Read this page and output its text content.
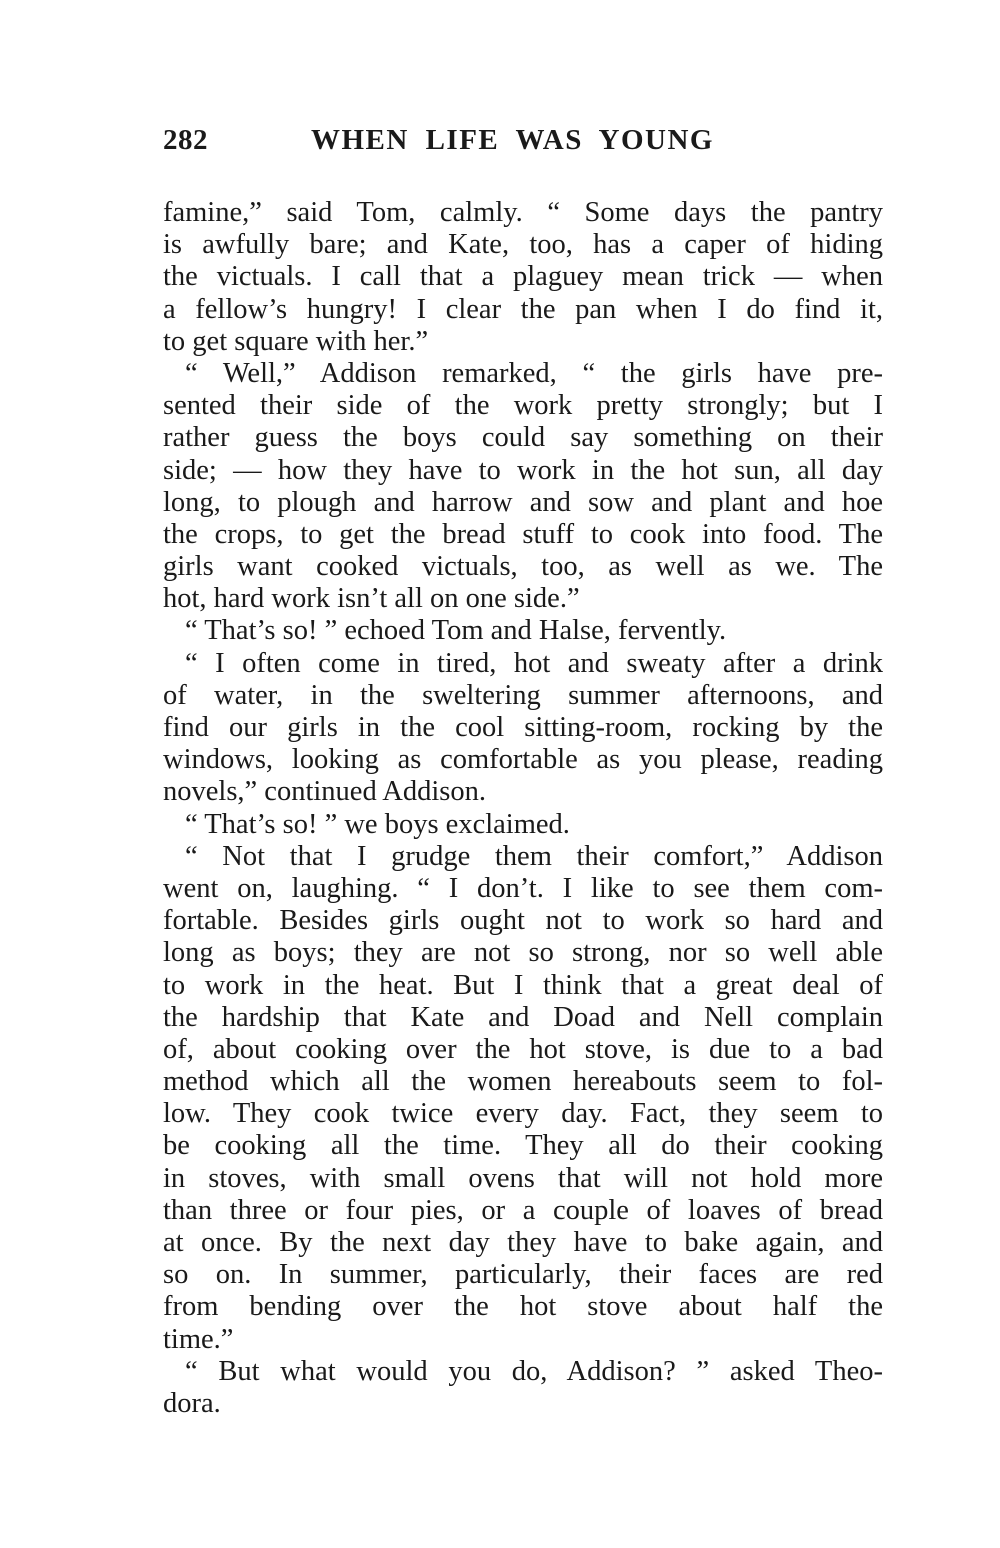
282	WHEN LIFE WAS YOUNG
famine,” said Tom, calmly. “ Some days the pantry
is awfully bare; and Kate, too, has a caper of hiding
the victuals. I call that a plaguey mean trick — when
a fellow’s hungry! I clear the pan when I do find it,
to get square with her.”
“ Well,” Addison remarked, “ the girls have pre-
sented their side of the work pretty strongly; but I
rather guess the boys could say something on their
side; — how they have to work in the hot sun, all day
long, to plough and harrow and sow and plant and hoe
the crops, to get the bread stuff to cook into food. The
girls want cooked victuals, too, as well as we. The
hot, hard work isn’t all on one side.”
“ That’s so! ” echoed Tom and Halse, fervently.
“ I often come in tired, hot and sweaty after a drink
of water, in the sweltering summer afternoons, and
find our girls in the cool sitting-room, rocking by the
windows, looking as comfortable as you please, reading
novels,” continued Addison.
“ That’s so! ” we boys exclaimed.
“ Not that I grudge them their comfort,” Addison
went on, laughing. “ I don’t. I like to see them com-
fortable. Besides girls ought not to work so hard and
long as boys; they are not so strong, nor so well able
to work in the heat. But I think that a great deal of
the hardship that Kate and Doad and Nell complain
of, about cooking over the hot stove, is due to a bad
method which all the women hereabouts seem to fol-
low. They cook twice every day. Fact, they seem to
be cooking all the time. They all do their cooking
in stoves, with small ovens that will not hold more
than three or four pies, or a couple of loaves of bread
at once. By the next day they have to bake again, and
so on. In summer, particularly, their faces are red
from bending over the hot stove about half the
time.”
“ But what would you do, Addison? ” asked Theo-
dora.
